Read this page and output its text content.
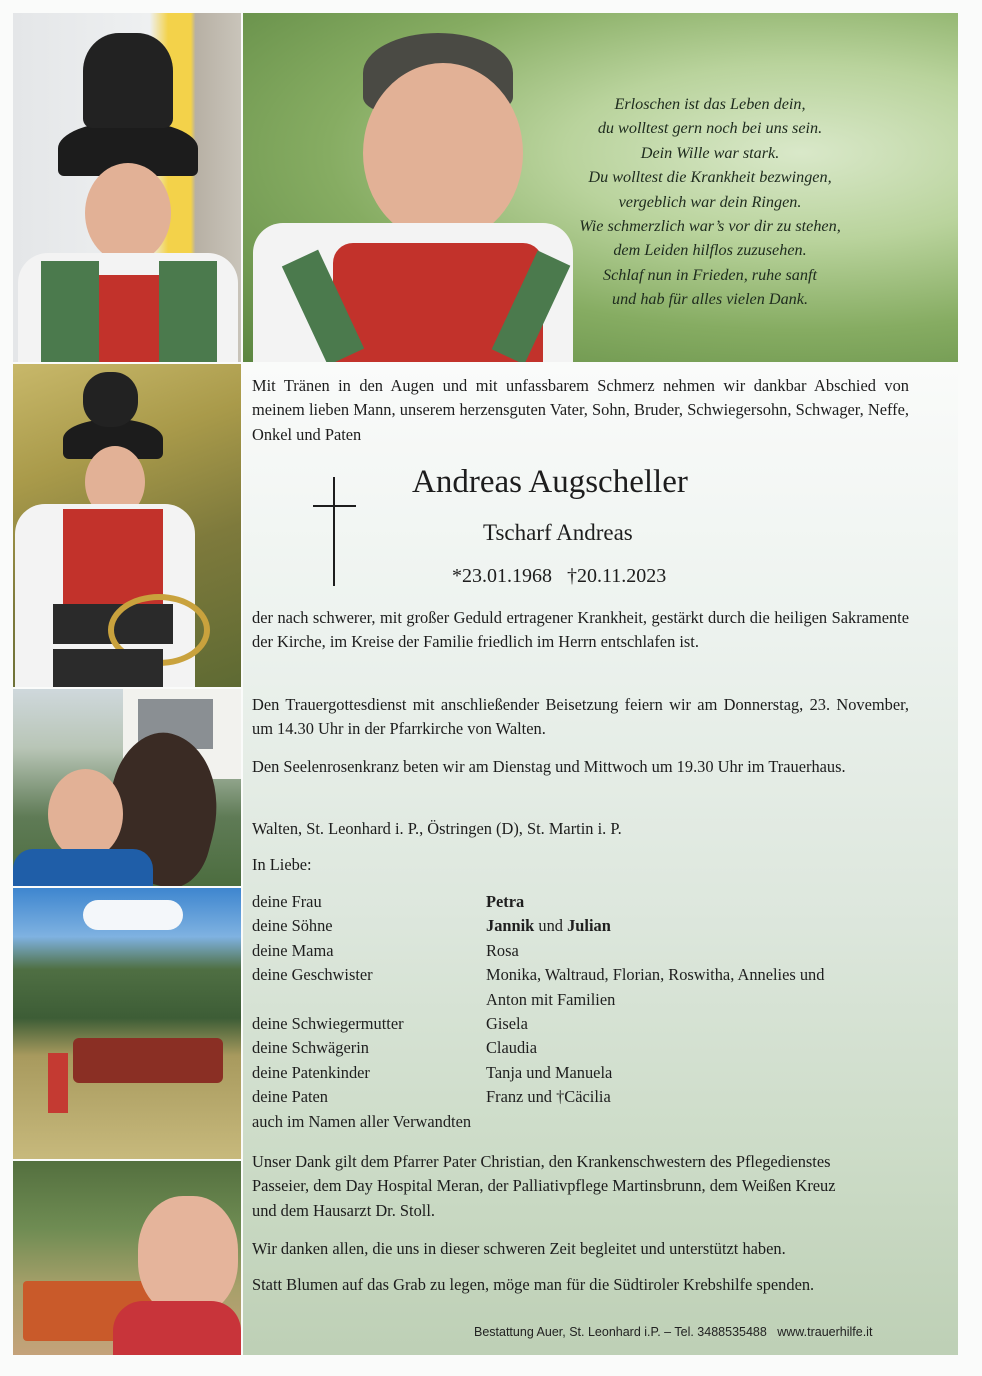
Erloschen ist das Leben dein,
du wolltest gern noch bei uns sein.
Dein Wille war stark.
Du wolltest die Krankheit bezwingen,
vergeblich war dein Ringen.
Wie schmerzlich war’s vor dir zu stehen,
dem Leiden hilflos zuzusehen.
Schlaf nun in Frieden, ruhe sanft
und hab für alles vielen Dank.
Mit Tränen in den Augen und mit unfassbarem Schmerz nehmen wir dankbar Abschied von meinem lieben Mann, unserem herzensguten Vater, Sohn, Bruder, Schwiegersohn, Schwager, Neffe, Onkel und Paten
Andreas Augscheller
Tscharf Andreas
*23.01.1968   †20.11.2023
der nach schwerer, mit großer Geduld ertragener Krankheit, gestärkt durch die heiligen Sakramente der Kirche, im Kreise der Familie friedlich im Herrn entschlafen ist.
Den Trauergottesdienst mit anschließender Beisetzung feiern wir am Donnerstag, 23. November, um 14.30 Uhr in der Pfarrkirche von Walten.
Den Seelenrosenkranz beten wir am Dienstag und Mittwoch um 19.30 Uhr im Trauerhaus.
Walten, St. Leonhard i. P., Östringen (D), St. Martin i. P.
In Liebe:
deine Frau	Petra
deine Söhne	Jannik und Julian
deine Mama	Rosa
deine Geschwister	Monika, Waltraud, Florian, Roswitha, Annelies und
Anton mit Familien
deine Schwiegermutter	Gisela
deine Schwägerin	Claudia
deine Patenkinder	Tanja und Manuela
deine Paten	Franz und †Cäcilia
auch im Namen aller Verwandten
Unser Dank gilt dem Pfarrer Pater Christian, den Krankenschwestern des Pflegedienstes Passeier, dem Day Hospital Meran, der Palliativpflege Martinsbrunn, dem Weißen Kreuz und dem Hausarzt Dr. Stoll.
Wir danken allen, die uns in dieser schweren Zeit begleitet und unterstützt haben.
Statt Blumen auf das Grab zu legen, möge man für die Südtiroler Krebshilfe spenden.
Bestattung Auer, St. Leonhard i.P. – Tel. 3488535488   www.trauerhilfe.it
